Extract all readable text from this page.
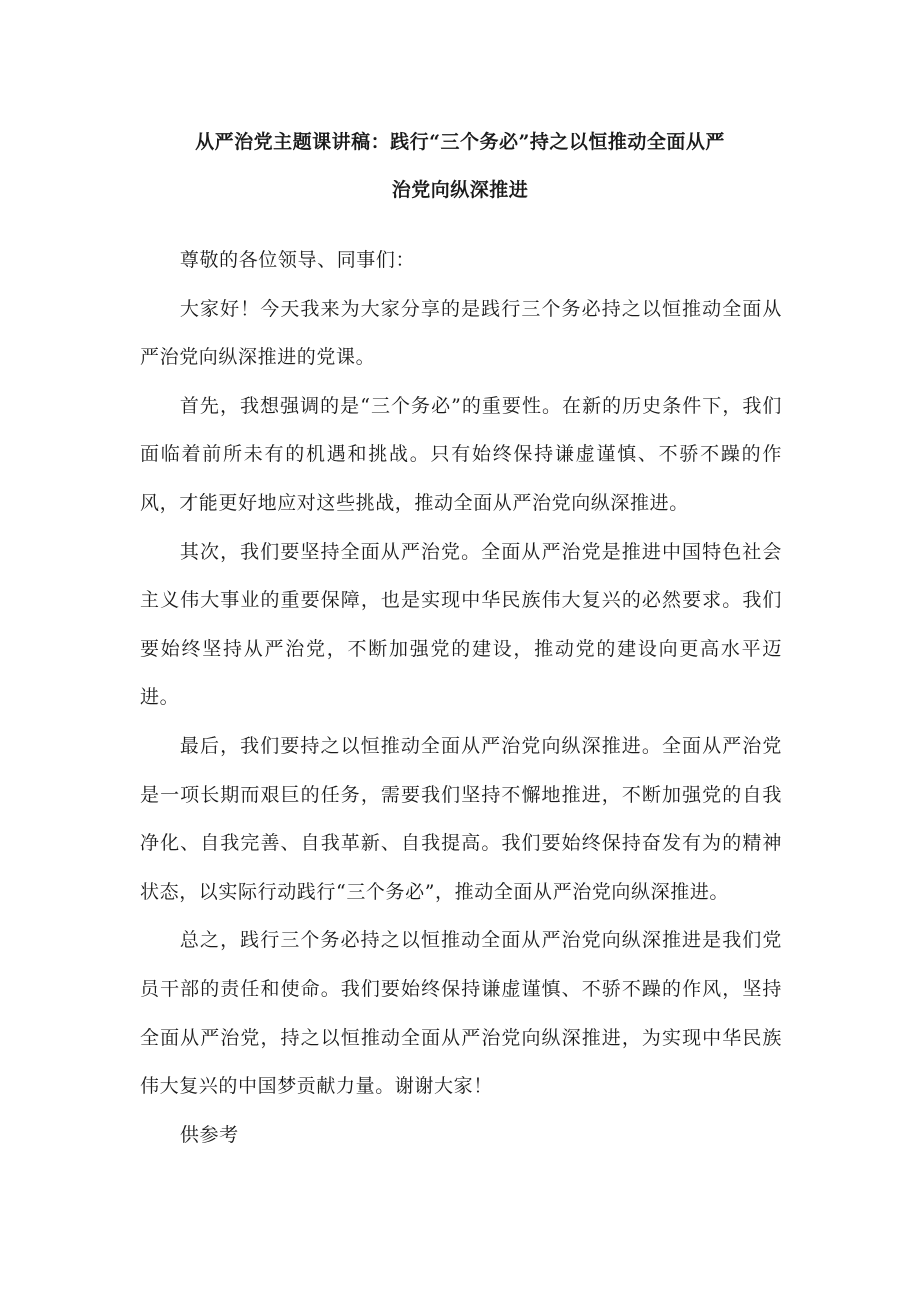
从严治党主题课讲稿：践行“三个务必”持之以恒推动全面从严
治党向纵深推进

尊敬的各位领导、同事们：

大家好！今天我来为大家分享的是践行三个务必持之以恒推动全面从严治党向纵深推进的党课。

首先，我想强调的是“三个务必”的重要性。在新的历史条件下，我们面临着前所未有的机遇和挑战。只有始终保持谦虚谨慎、不骄不躁的作风，才能更好地应对这些挑战，推动全面从严治党向纵深推进。

其次，我们要坚持全面从严治党。全面从严治党是推进中国特色社会主义伟大事业的重要保障，也是实现中华民族伟大复兴的必然要求。我们要始终坚持从严治党，不断加强党的建设，推动党的建设向更高水平迈进。

最后，我们要持之以恒推动全面从严治党向纵深推进。全面从严治党是一项长期而艰巨的任务，需要我们坚持不懈地推进，不断加强党的自我净化、自我完善、自我革新、自我提高。我们要始终保持奋发有为的精神状态，以实际行动践行“三个务必”，推动全面从严治党向纵深推进。

总之，践行三个务必持之以恒推动全面从严治党向纵深推进是我们党员干部的责任和使命。我们要始终保持谦虚谨慎、不骄不躁的作风，坚持全面从严治党，持之以恒推动全面从严治党向纵深推进，为实现中华民族伟大复兴的中国梦贡献力量。谢谢大家！

供参考
